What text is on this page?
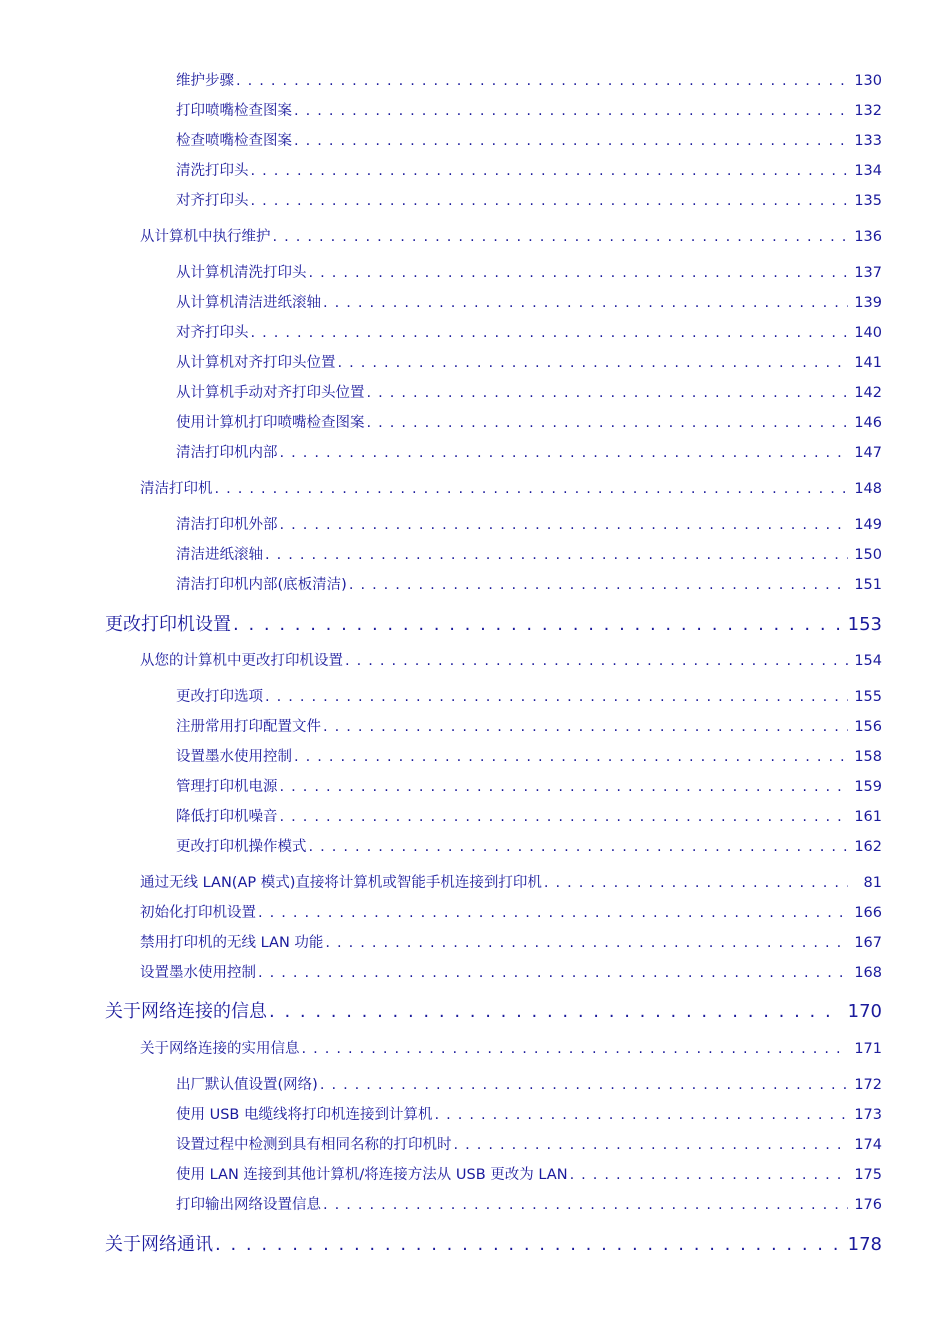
维护步骤 . . .	130
打印喷嘴检查图案 . . .	132
检查喷嘴检查图案 . . .	133
清洗打印头 . . .	134
对齐打印头 . . .	135
从计算机中执行维护 . . .	136
从计算机清洗打印头 . . .	137
从计算机清洁进纸滚轴 . . .	139
对齐打印头 . . .	140
从计算机对齐打印头位置 . . .	141
从计算机手动对齐打印头位置 . . .	142
使用计算机打印喷嘴检查图案 . . .	146
清洁打印机内部 . . .	147
清洁打印机 . . .	148
清洁打印机外部 . . .	149
清洁进纸滚轴 . . .	150
清洁打印机内部(底板清洁) . . .	151
更改打印机设置 . . .	153
从您的计算机中更改打印机设置 . . .	154
更改打印选项 . . .	155
注册常用打印配置文件 . . .	156
设置墨水使用控制 . . .	158
管理打印机电源 . . .	159
降低打印机噪音 . . .	161
更改打印机操作模式 . . .	162
通过无线 LAN(AP 模式)直接将计算机或智能手机连接到打印机 . . .	81
初始化打印机设置 . . .	166
禁用打印机的无线 LAN 功能 . . .	167
设置墨水使用控制 . . .	168
关于网络连接的信息 . . .	170
关于网络连接的实用信息 . . .	171
出厂默认值设置(网络) . . .	172
使用 USB 电缆线将打印机连接到计算机 . . .	173
设置过程中检测到具有相同名称的打印机时 . . .	174
使用 LAN 连接到其他计算机/将连接方法从 USB 更改为 LAN . . .	175
打印输出网络设置信息 . . .	176
关于网络通讯 . . .	178
